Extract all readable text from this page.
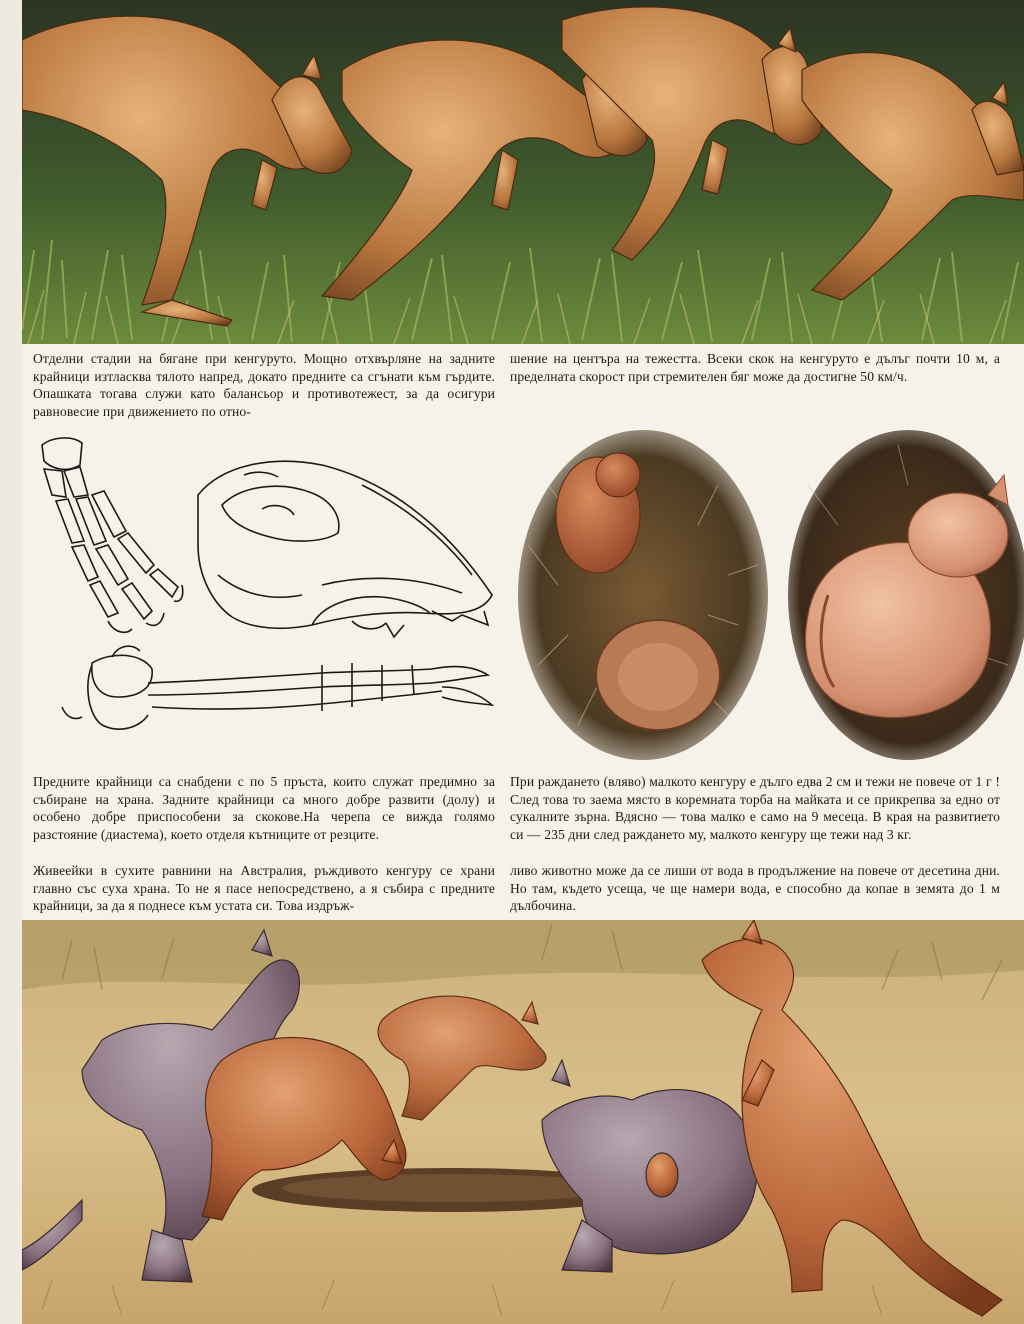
Отделни стадии на бягане при кенгуруто. Мощно отхвърляне на задните крайници изтласква тялото напред, докато предните са сгънати към гърдите. Опашката тогава служи като балансьор и противотежест, за да осигури равновесие при движението по отно-

шение на центъра на тежестта. Всеки скок на кенгуруто е дълъг почти 10 м, а пределната скорост при стремителен бяг може да достигне 50 км/ч.

Предните крайници са снабдени с по 5 пръста, които служат предимно за събиране на храна. Задните крайници са много добре развити (долу) и особено добре приспособени за скокове.На черепа се вижда голямо разстояние (диастема), което отделя кътниците от резците.

При раждането (вляво) малкото кенгуру е дълго едва 2 см и тежи не повече от 1 г ! След това то заема място в коремната торба на майката и се прикрепва за едно от сукалните зърна. Вдясно — това малко е само на 9 месеца. В края на развитието си — 235 дни след раждането му, малкото кенгуру ще тежи над 3 кг.

Живеейки в сухите равнини на Австралия, ръждивото кенгуру се храни главно със суха храна. То не я пасе непосредствено, а я събира с предните крайници, за да я поднесе към устата си. Това издръж-

ливо животно може да се лиши от вода в продължение на повече от десетина дни. Но там, където усеща, че ще намери вода, е способно да копае в земята до 1 м дълбочина.
